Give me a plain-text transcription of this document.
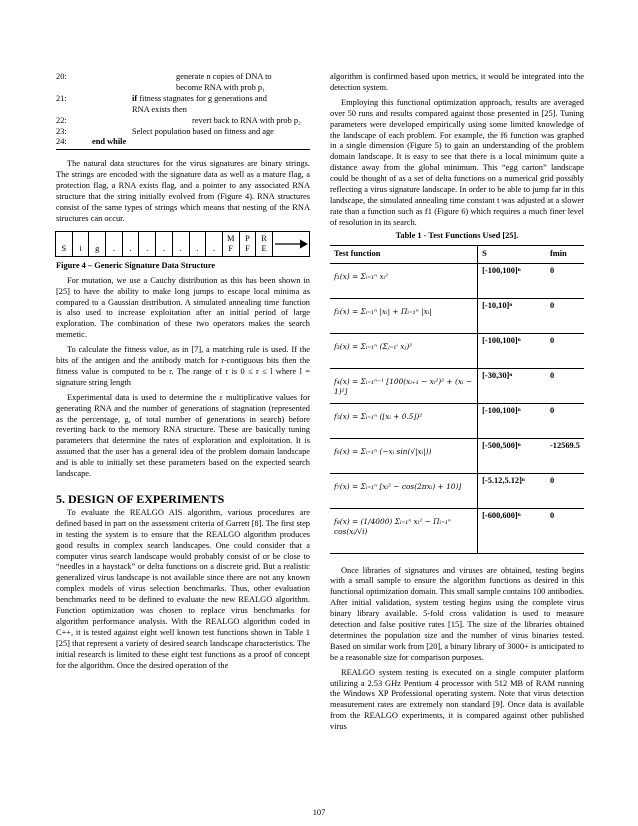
20:	generate n copies of DNA to
become RNA with prob p₁
21:	if fitness stagnates for g generations and
RNA exists then
22:	revert back to RNA with prob p₂
23:	Select population based on fitness and age
24:	end while

The natural data structures for the virus signatures are binary strings. The strings are encoded with the signature data as well as a mature flag, a protection flag, a RNA exists flag, and a pointer to any associated RNA structure that the string initially evolved from (Figure 4). RNA structures consist of the same types of strings which means that nesting of the RNA structures can occur.

S i g . . . . . . .
M
F
P
F
R
E
Figure 4 – Generic Signature Data Structure

For mutation, we use a Cauchy distribution as this has been shown in [25] to have the ability to make long jumps to escape local minima as compared to a Gaussian distribution. A simulated annealing time function is also used to increase exploitation after an initial period of large exploration. The combination of these two operators makes the search memetic.

To calculate the fitness value, as in [7], a matching rule is used. If the bits of the antigen and the antibody match for r-contiguous bits then the fitness value is computed to be r. The range of r is 0 ≤ r ≤ l where l = signature string length

Experimental data is used to determine the ε multiplicative values for generating RNA and the number of generations of stagnation (represented as the percentage, g, of total number of generations in search) before reverting back to the memory RNA structure. These are basically tuning parameters that determine the rates of exploration and exploitation. It is assumed that the user has a general idea of the problem domain landscape and is able to initially set these parameters based on the expected search landscape.

5. DESIGN OF EXPERIMENTS

To evaluate the REALGO AIS algorithm, various procedures are defined based in part on the assessment criteria of Garrett [8]. The first step in testing the system is to ensure that the REALGO algorithm produces good results in complex search landscapes. One could consider that a computer virus search landscape would probably consist of or be close to “needles in a haystack” or delta functions on a discrete grid. But a realistic generalized virus landscape is not available since there are not any known complex models of virus selection benchmarks. Thus, other evaluation benchmarks need to be defined to evaluate the new REALGO algorithm. Function optimization was chosen to replace virus benchmarks for algorithm performance analysis. With the REALGO algorithm coded in C++, it is tested against eight well known test functions shown in Table 1 [25] that represent a variety of desired search landscape characteristics. The initial research is limited to these eight test functions as a proof of concept for the algorithm. Once the desired operation of the

algorithm is confirmed based upon metrics, it would be integrated into the detection system.

Employing this functional optimization approach, results are averaged over 50 runs and results compared against those presented in [25]. Tuning parameters were developed empirically using some limited knowledge of the landscape of each problem. For example, the f6 function was graphed in a single dimension (Figure 5) to gain an understanding of the problem domain landscape. It is easy to see that there is a local minimum quite a distance away from the global minimum. This “egg carton” landscape could be thought of as a set of delta functions on a numerical grid possibly reflecting a virus signature landscape. In order to be able to jump far in this landscape, the simulated annealing time constant t was adjusted at a slower rate than a function such as f1 (Figure 6) which requires a much finer level of resolution in its search.

Table 1 - Test Functions Used [25].
Test function	S	fmin
f₁(x) = Σᵢ₌₁ⁿ xᵢ²	[-100,100]ⁿ	0
f₂(x) = Σᵢ₌₁ⁿ |xᵢ| + Πᵢ₌₁ⁿ |xᵢ|	[-10,10]ⁿ	0
f₃(x) = Σᵢ₌₁ⁿ (Σⱼ₌₁ⁱ xⱼ)²	[-100,100]ⁿ	0
f₄(x) = Σᵢ₌₁ⁿ⁻¹ [100(xᵢ₊₁ − xᵢ²)² + (xᵢ − 1)²]	[-30,30]ⁿ	0
f₅(x) = Σᵢ₌₁ⁿ (⌊xᵢ + 0.5⌋)²	[-100,100]ⁿ	0
f₆(x) = Σᵢ₌₁ⁿ (−xᵢ sin(√|xᵢ|))	[-500,500]ⁿ	-12569.5
f₇(x) = Σᵢ₌₁ⁿ [xᵢ² − cos(2πxᵢ) + 10)]	[-5.12,5.12]ⁿ	0
f₈(x) = (1/4000) Σᵢ₌₁ⁿ xᵢ² − Πᵢ₌₁ⁿ cos(xᵢ/√i)	[-600,600]ⁿ	0

Once libraries of signatures and viruses are obtained, testing begins with a small sample to ensure the algorithm functions as desired in this functional optimization domain. This small sample contains 100 antibodies. After initial validation, system testing begins using the complete virus binary library available. 5-fold cross validation is used to measure detection and false positive rates [15]. The size of the libraries obtained determines the population size and the number of virus binaries tested. Based on similar work from [20], a binary library of 3000+ is anticipated to be a reasonable size for comparison purposes.

REALGO system testing is executed on a single computer platform utilizing a 2.53 GHz Pentium 4 processor with 512 MB of RAM running the Windows XP Professional operating system. Note that virus detection measurement rates are extremely non standard [9]. Once data is available from the REALGO experiments, it is compared against other published virus

107
